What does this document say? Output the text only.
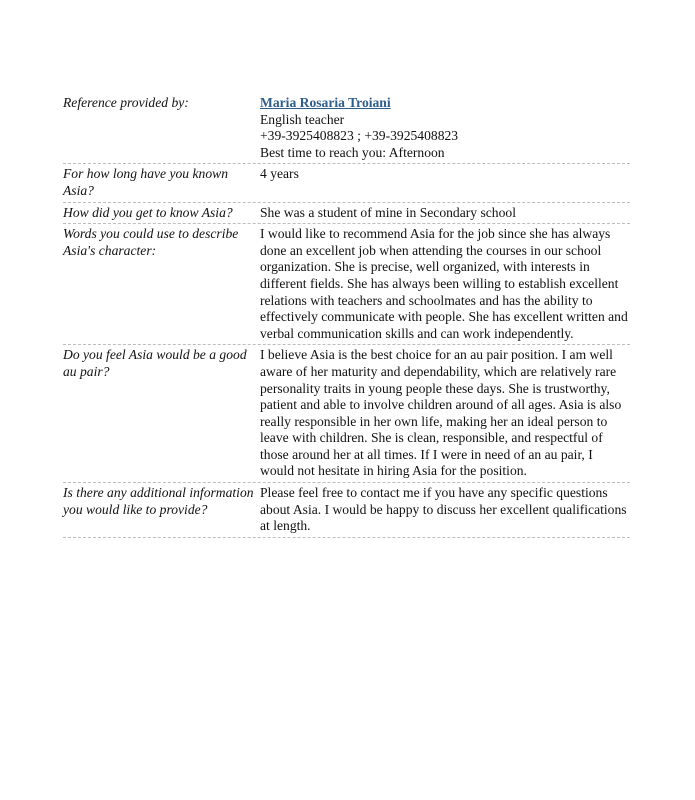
Reference provided by:	Maria Rosaria Troiani
English teacher
+39-3925408823 ; +39-3925408823
Best time to reach you: Afternoon
For how long have you known Asia?
4 years
How did you get to know Asia?	She was a student of mine in Secondary school
Words you could use to describe Asia's character:
I would like to recommend Asia for the job since she has always done an excellent job when attending the courses in our school organization. She is precise, well organized, with interests in different fields. She has always been willing to establish excellent relations with teachers and schoolmates and has the ability to effectively communicate with people. She has excellent written and verbal communication skills and can work independently.
Do you feel Asia would be a good au pair?
I believe Asia is the best choice for an au pair position. I am well aware of her maturity and dependability, which are relatively rare personality traits in young people these days. She is trustworthy, patient and able to involve children around of all ages. Asia is also really responsible in her own life, making her an ideal person to leave with children. She is clean, responsible, and respectful of those around her at all times. If I were in need of an au pair, I would not hesitate in hiring Asia for the position.
Is there any additional information you would like to provide?
Please feel free to contact me if you have any specific questions about Asia. I would be happy to discuss her excellent qualifications at length.
